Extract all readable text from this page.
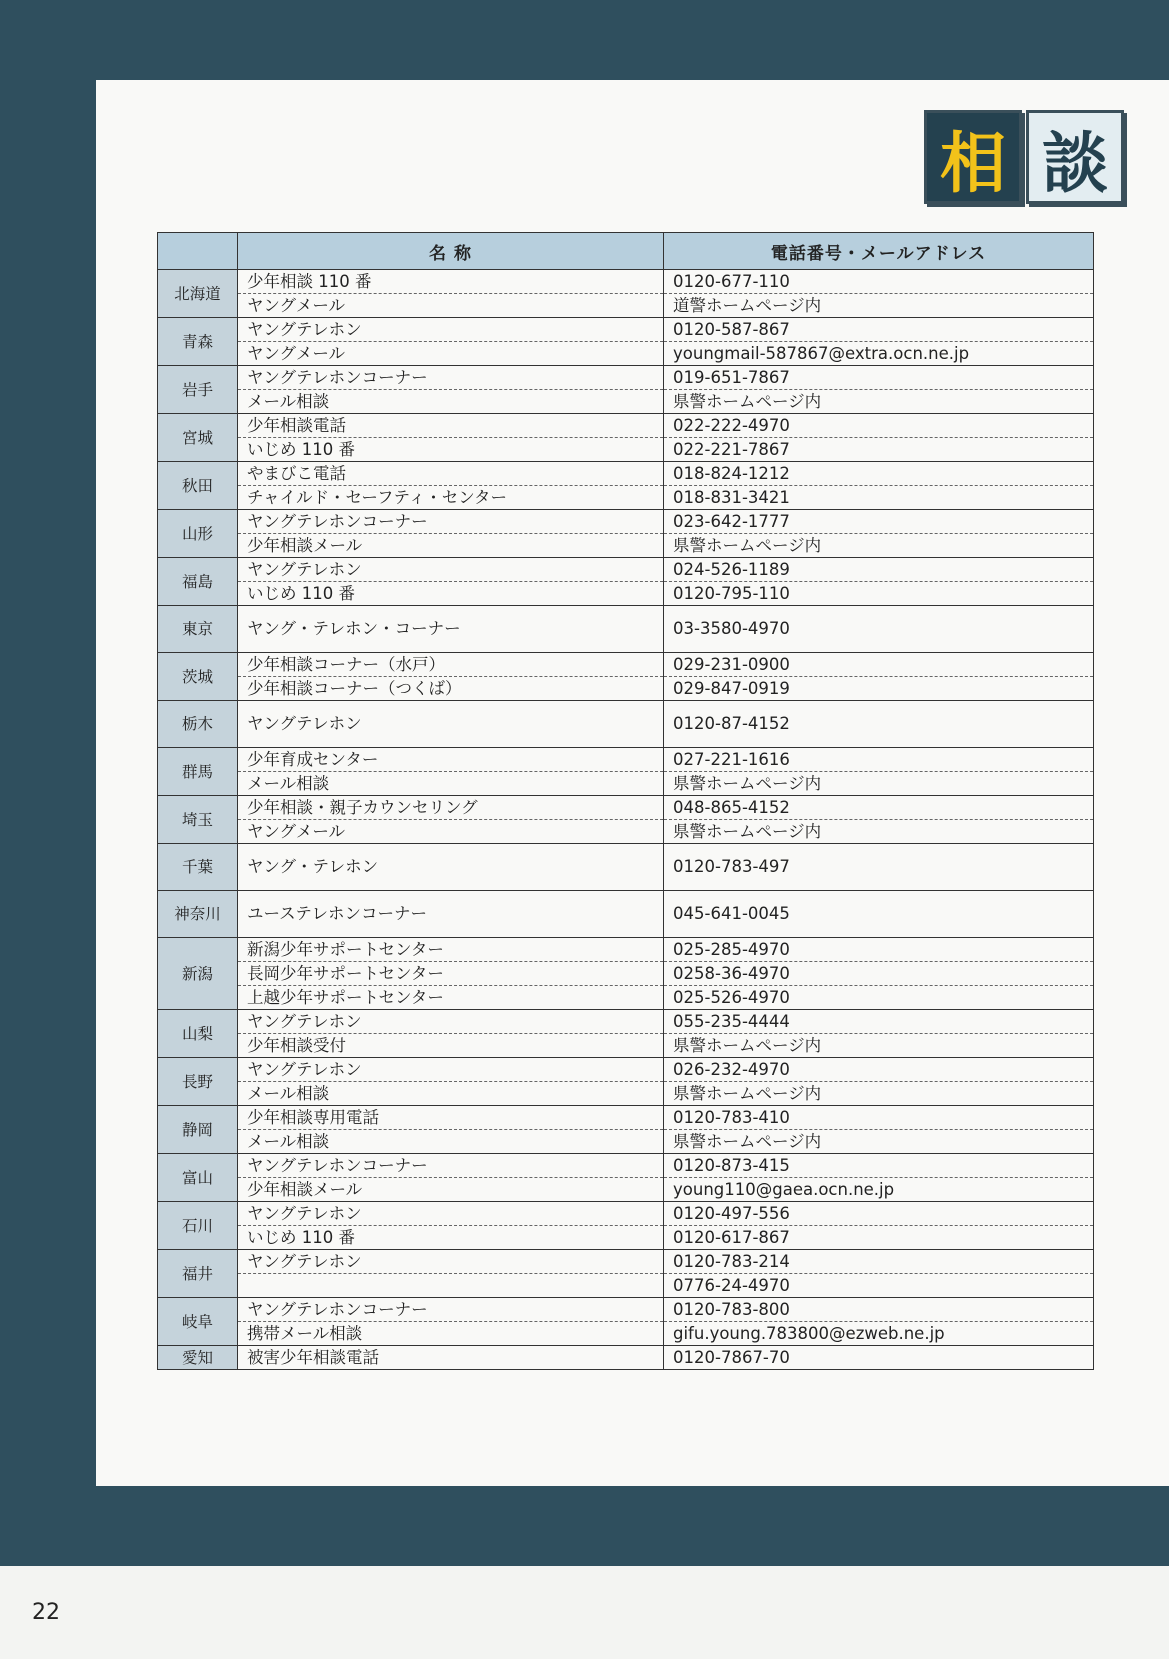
相 談
	名 称	電話番号・メールアドレス
北海道	少年相談 110 番	0120-677-110
	ヤングメール	道警ホームページ内
青森	ヤングテレホン	0120-587-867
	ヤングメール	youngmail-587867@extra.ocn.ne.jp
岩手	ヤングテレホンコーナー	019-651-7867
	メール相談	県警ホームページ内
宮城	少年相談電話	022-222-4970
	いじめ 110 番	022-221-7867
秋田	やまびこ電話	018-824-1212
	チャイルド・セーフティ・センター	018-831-3421
山形	ヤングテレホンコーナー	023-642-1777
	少年相談メール	県警ホームページ内
福島	ヤングテレホン	024-526-1189
	いじめ 110 番	0120-795-110
東京	ヤング・テレホン・コーナー	03-3580-4970
茨城	少年相談コーナー（水戸）	029-231-0900
	少年相談コーナー（つくば）	029-847-0919
栃木	ヤングテレホン	0120-87-4152
群馬	少年育成センター	027-221-1616
	メール相談	県警ホームページ内
埼玉	少年相談・親子カウンセリング	048-865-4152
	ヤングメール	県警ホームページ内
千葉	ヤング・テレホン	0120-783-497
神奈川	ユーステレホンコーナー	045-641-0045
新潟	新潟少年サポートセンター	025-285-4970
	長岡少年サポートセンター	0258-36-4970
	上越少年サポートセンター	025-526-4970
山梨	ヤングテレホン	055-235-4444
	少年相談受付	県警ホームページ内
長野	ヤングテレホン	026-232-4970
	メール相談	県警ホームページ内
静岡	少年相談専用電話	0120-783-410
	メール相談	県警ホームページ内
富山	ヤングテレホンコーナー	0120-873-415
	少年相談メール	young110@gaea.ocn.ne.jp
石川	ヤングテレホン	0120-497-556
	いじめ 110 番	0120-617-867
福井	ヤングテレホン	0120-783-214
		0776-24-4970
岐阜	ヤングテレホンコーナー	0120-783-800
	携帯メール相談	gifu.young.783800@ezweb.ne.jp
愛知	被害少年相談電話	0120-7867-70
22
